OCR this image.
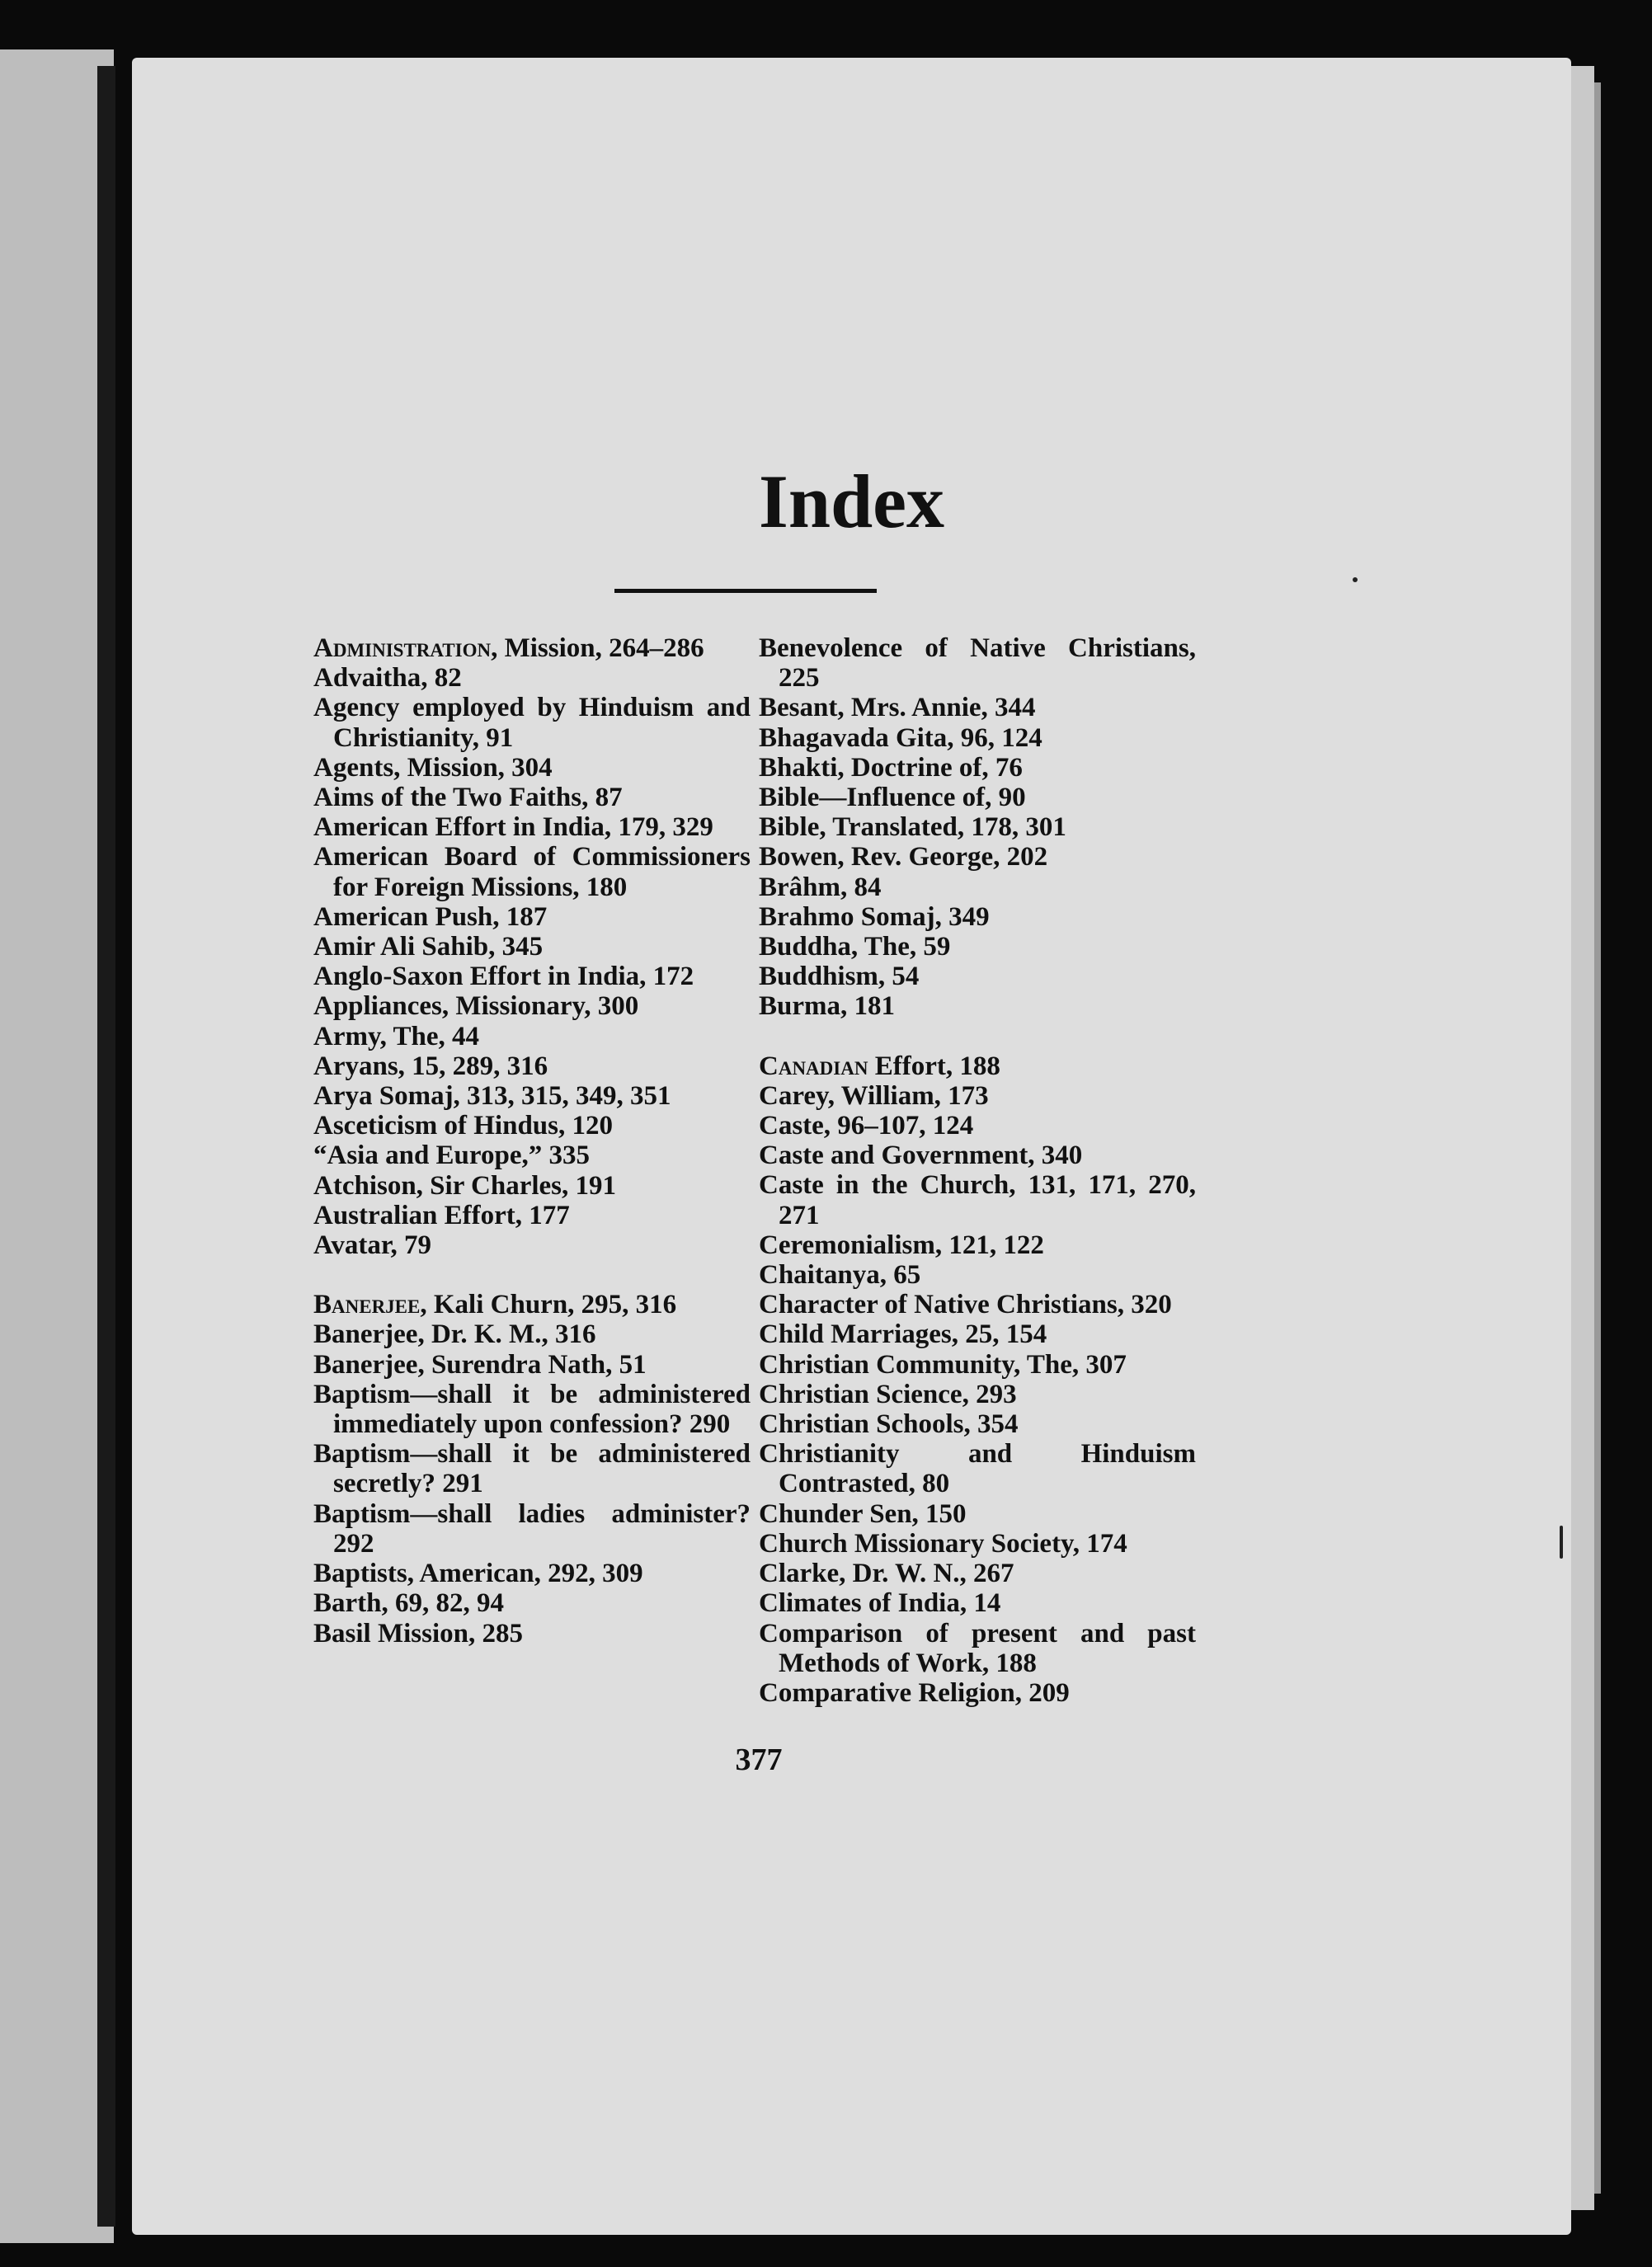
Index
Administration, Mission, 264–286
Advaitha, 82
Agency employed by Hinduism and Christianity, 91
Agents, Mission, 304
Aims of the Two Faiths, 87
American Effort in India, 179, 329
American Board of Commissioners for Foreign Missions, 180
American Push, 187
Amir Ali Sahib, 345
Anglo-Saxon Effort in India, 172
Appliances, Missionary, 300
Army, The, 44
Aryans, 15, 289, 316
Arya Somaj, 313, 315, 349, 351
Asceticism of Hindus, 120
“Asia and Europe,” 335
Atchison, Sir Charles, 191
Australian Effort, 177
Avatar, 79
Banerjee, Kali Churn, 295, 316
Banerjee, Dr. K. M., 316
Banerjee, Surendra Nath, 51
Baptism—shall it be administered immediately upon confession? 290
Baptism—shall it be administered secretly? 291
Baptism—shall ladies administer? 292
Baptists, American, 292, 309
Barth, 69, 82, 94
Basil Mission, 285
Benevolence of Native Christians, 225
Besant, Mrs. Annie, 344
Bhagavada Gita, 96, 124
Bhakti, Doctrine of, 76
Bible—Influence of, 90
Bible, Translated, 178, 301
Bowen, Rev. George, 202
Brâhm, 84
Brahmo Somaj, 349
Buddha, The, 59
Buddhism, 54
Burma, 181
Canadian Effort, 188
Carey, William, 173
Caste, 96–107, 124
Caste and Government, 340
Caste in the Church, 131, 171, 270, 271
Ceremonialism, 121, 122
Chaitanya, 65
Character of Native Christians, 320
Child Marriages, 25, 154
Christian Community, The, 307
Christian Science, 293
Christian Schools, 354
Christianity and Hinduism Contrasted, 80
Chunder Sen, 150
Church Missionary Society, 174
Clarke, Dr. W. N., 267
Climates of India, 14
Comparison of present and past Methods of Work, 188
Comparative Religion, 209
377
